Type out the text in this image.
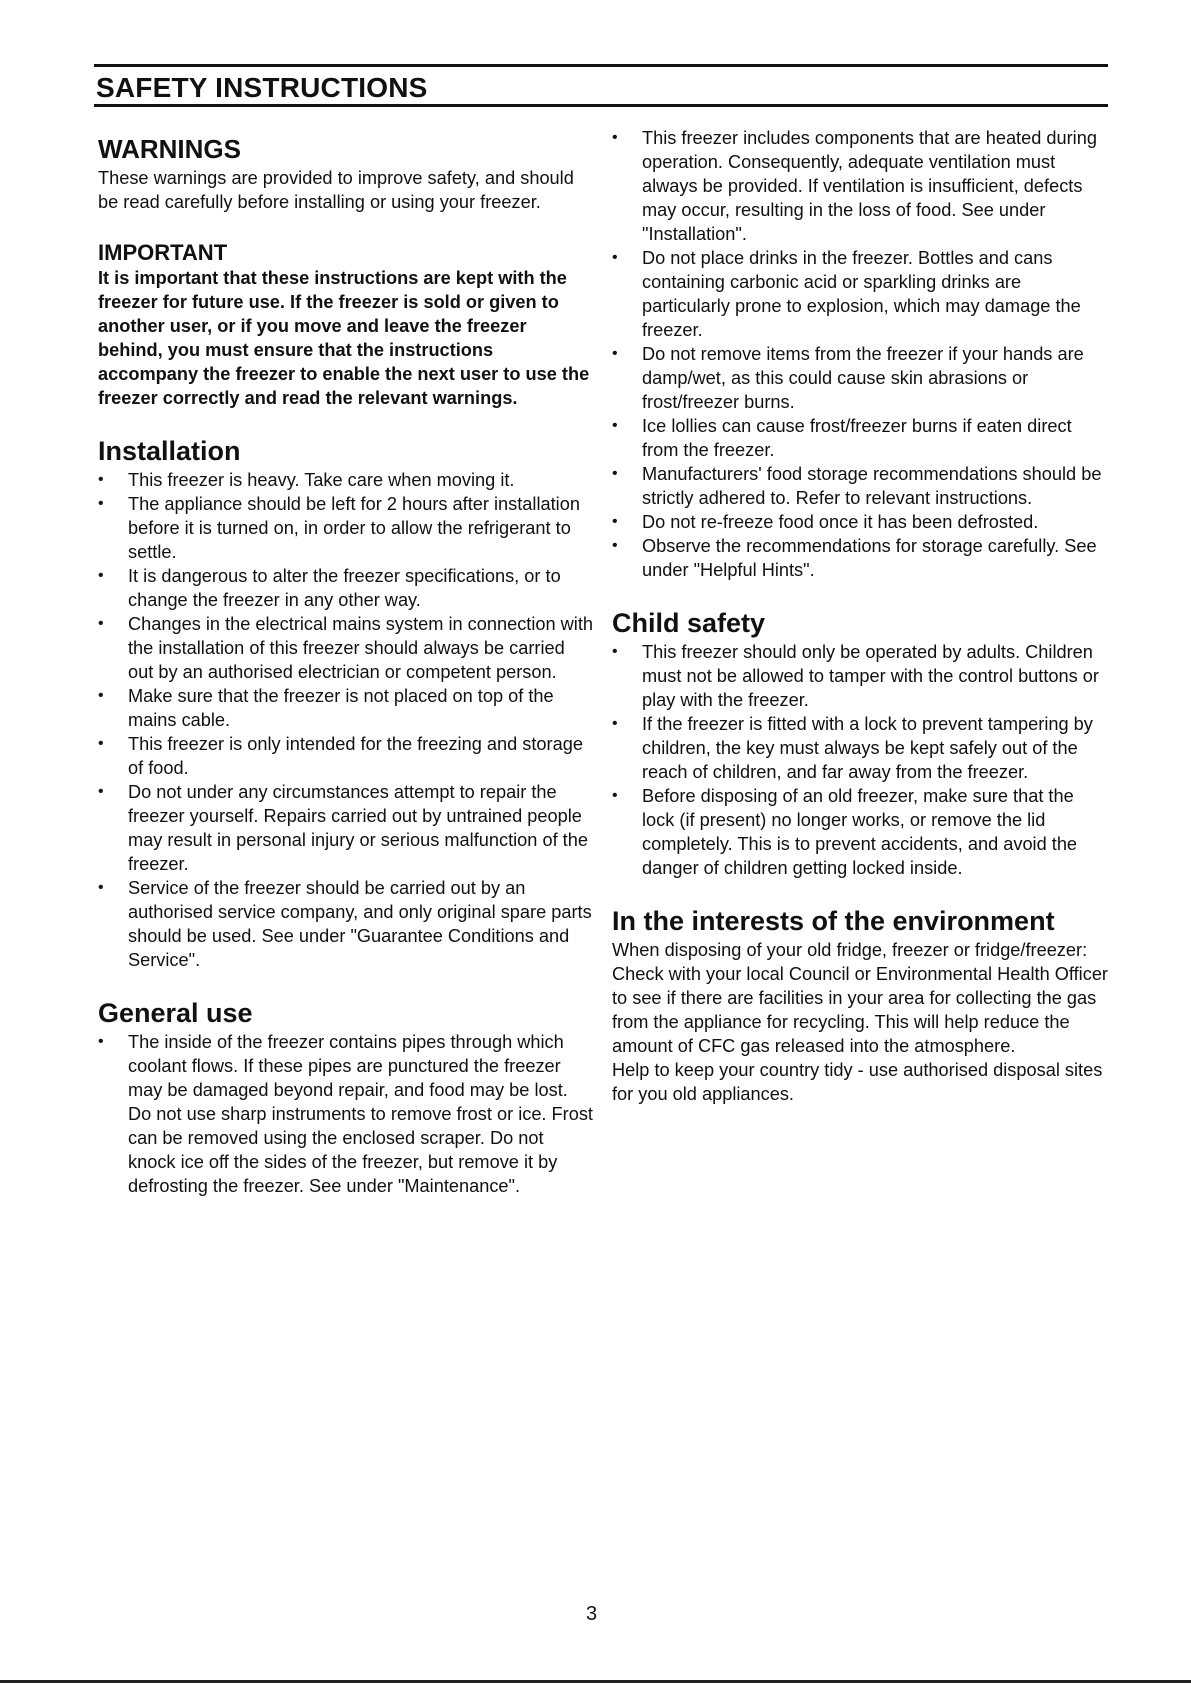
SAFETY INSTRUCTIONS
WARNINGS

These warnings are provided to improve safety, and should be read carefully before installing or using your freezer.

IMPORTANT

It is important that these instructions are kept with the freezer for future use. If the freezer is sold or given to another user, or if you move and leave the freezer behind, you must ensure that the instructions accompany the freezer to enable the next user to use the freezer correctly and read the relevant warnings.

Installation
• This freezer is heavy. Take care when moving it.
• The appliance should be left for 2 hours after installation before it is turned on, in order to allow the refrigerant to settle.
• It is dangerous to alter the freezer specifications, or to change the freezer in any other way.
• Changes in the electrical mains system in connection with the installation of this freezer should always be carried out by an authorised electrician or competent person.
• Make sure that the freezer is not placed on top of the mains cable.
• This freezer is only intended for the freezing and storage of food.
• Do not under any circumstances attempt to repair the freezer yourself. Repairs carried out by untrained people may result in personal injury or serious malfunction of the freezer.
• Service of the freezer should be carried out by an authorised service company, and only original spare parts should be used. See under "Guarantee Conditions and Service".
General use
• The inside of the freezer contains pipes through which coolant flows. If these pipes are punctured the freezer may be damaged beyond repair, and food may be lost. Do not use sharp instruments to remove frost or ice. Frost can be removed using the enclosed scraper. Do not knock ice off the sides of the freezer, but remove it by defrosting the freezer. See under "Maintenance".
• This freezer includes components that are heated during operation. Consequently, adequate ventilation must always be provided. If ventilation is insufficient, defects may occur, resulting in the loss of food. See under "Installation".
• Do not place drinks in the freezer. Bottles and cans containing carbonic acid or sparkling drinks are particularly prone to explosion, which may damage the freezer.
• Do not remove items from the freezer if your hands are damp/wet, as this could cause skin abrasions or frost/freezer burns.
• Ice lollies can cause frost/freezer burns if eaten direct from the freezer.
• Manufacturers' food storage recommendations should be strictly adhered to. Refer to relevant instructions.
• Do not re-freeze food once it has been defrosted.
• Observe the recommendations for storage carefully. See under "Helpful Hints".
Child safety
• This freezer should only be operated by adults. Children must not be allowed to tamper with the control buttons or play with the freezer.
• If the freezer is fitted with a lock to prevent tampering by children, the key must always be kept safely out of the reach of children, and far away from the freezer.
• Before disposing of an old freezer, make sure that the lock (if present) no longer works, or remove the lid completely. This is to prevent accidents, and avoid the danger of children getting locked inside.
In the interests of the environment

When disposing of your old fridge, freezer or fridge/freezer:

Check with your local Council or Environmental Health Officer to see if there are facilities in your area for collecting the gas from the appliance for recycling. This will help reduce the amount of CFC gas released into the atmosphere.

Help to keep your country tidy - use authorised disposal sites for you old appliances.

3
